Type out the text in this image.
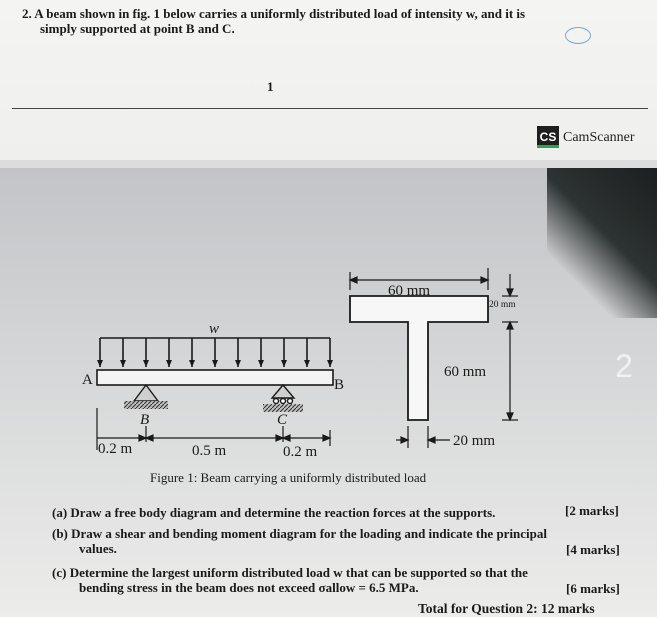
2. A beam shown in fig. 1 below carries a uniformly distributed load of intensity w, and it is
simply supported at point B and C.
1
CS CamScanner
2
w
A	B
B	C
0.2 m	0.5 m	0.2 m
60 mm
20 mm
60 mm
20 mm
Figure 1: Beam carrying a uniformly distributed load
(a) Draw a free body diagram and determine the reaction forces at the supports.	[2 marks]
(b) Draw a shear and bending moment diagram for the loading and indicate the principal
values.	[4 marks]
(c) Determine the largest uniform distributed load w that can be supported so that the
bending stress in the beam does not exceed σallow = 6.5 MPa.	[6 marks]
Total for Question 2: 12 marks
